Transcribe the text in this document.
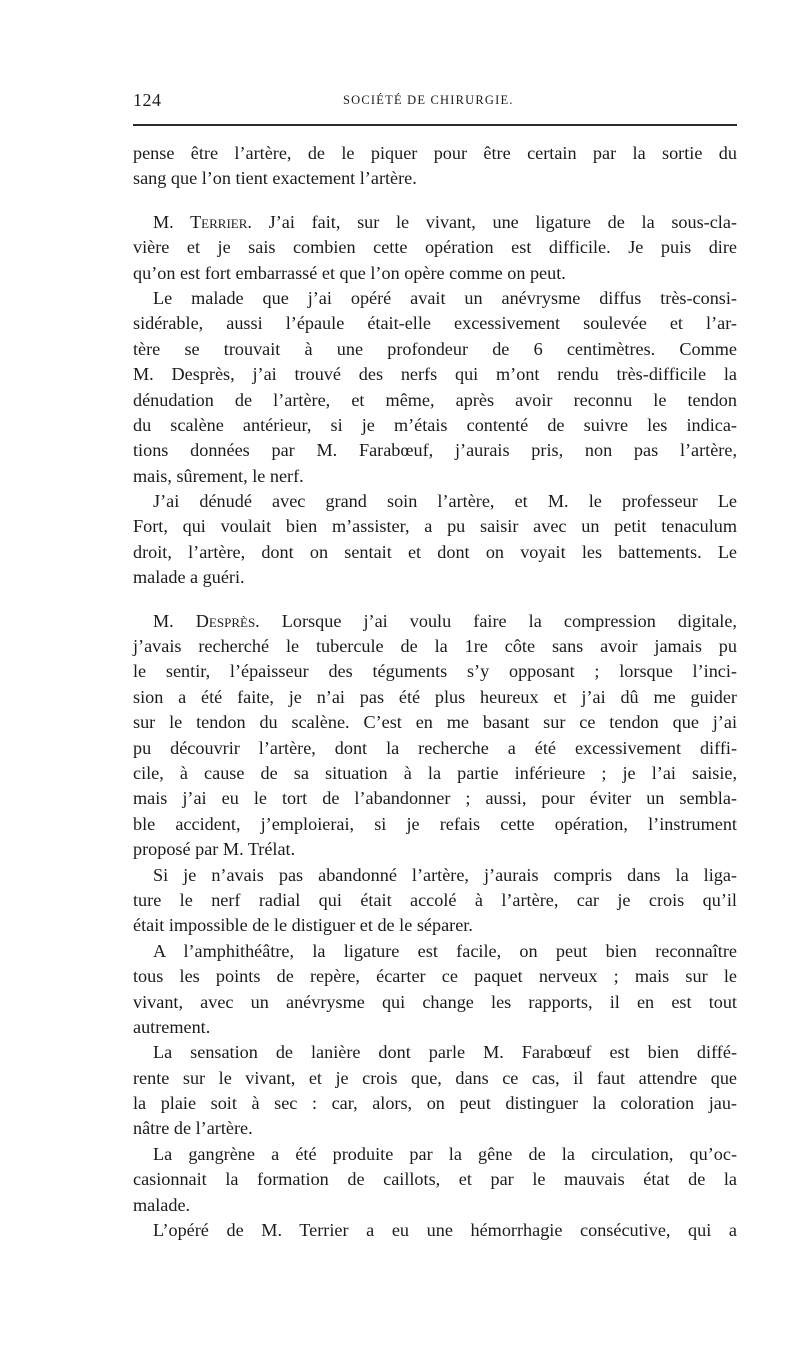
124	SOCIÉTÉ DE CHIRURGIE.
pense être l’artère, de le piquer pour être certain par la sortie du
sang que l’on tient exactement l’artère.
M. Terrier. J’ai fait, sur le vivant, une ligature de la sous-cla-
vière et je sais combien cette opération est difficile. Je puis dire
qu’on est fort embarrassé et que l’on opère comme on peut.
Le malade que j’ai opéré avait un anévrysme diffus très-consi-
sidérable, aussi l’épaule était-elle excessivement soulevée et l’ar-
tère se trouvait à une profondeur de 6 centimètres. Comme
M. Desprès, j’ai trouvé des nerfs qui m’ont rendu très-difficile la
dénudation de l’artère, et même, après avoir reconnu le tendon
du scalène antérieur, si je m’étais contenté de suivre les indica-
tions données par M. Farabœuf, j’aurais pris, non pas l’artère,
mais, sûrement, le nerf.
J’ai dénudé avec grand soin l’artère, et M. le professeur Le
Fort, qui voulait bien m’assister, a pu saisir avec un petit tenaculum
droit, l’artère, dont on sentait et dont on voyait les battements. Le
malade a guéri.
M. Desprès. Lorsque j’ai voulu faire la compression digitale,
j’avais recherché le tubercule de la 1re côte sans avoir jamais pu
le sentir, l’épaisseur des téguments s’y opposant ; lorsque l’inci-
sion a été faite, je n’ai pas été plus heureux et j’ai dû me guider
sur le tendon du scalène. C’est en me basant sur ce tendon que j’ai
pu découvrir l’artère, dont la recherche a été excessivement diffi-
cile, à cause de sa situation à la partie inférieure ; je l’ai saisie,
mais j’ai eu le tort de l’abandonner ; aussi, pour éviter un sembla-
ble accident, j’emploierai, si je refais cette opération, l’instrument
proposé par M. Trélat.
Si je n’avais pas abandonné l’artère, j’aurais compris dans la liga-
ture le nerf radial qui était accolé à l’artère, car je crois qu’il
était impossible de le distiguer et de le séparer.
A l’amphithéâtre, la ligature est facile, on peut bien reconnaître
tous les points de repère, écarter ce paquet nerveux ; mais sur le
vivant, avec un anévrysme qui change les rapports, il en est tout
autrement.
La sensation de lanière dont parle M. Farabœuf est bien diffé-
rente sur le vivant, et je crois que, dans ce cas, il faut attendre que
la plaie soit à sec : car, alors, on peut distinguer la coloration jau-
nâtre de l’artère.
La gangrène a été produite par la gêne de la circulation, qu’oc-
casionnait la formation de caillots, et par le mauvais état de la
malade.
L’opéré de M. Terrier a eu une hémorrhagie consécutive, qui a
